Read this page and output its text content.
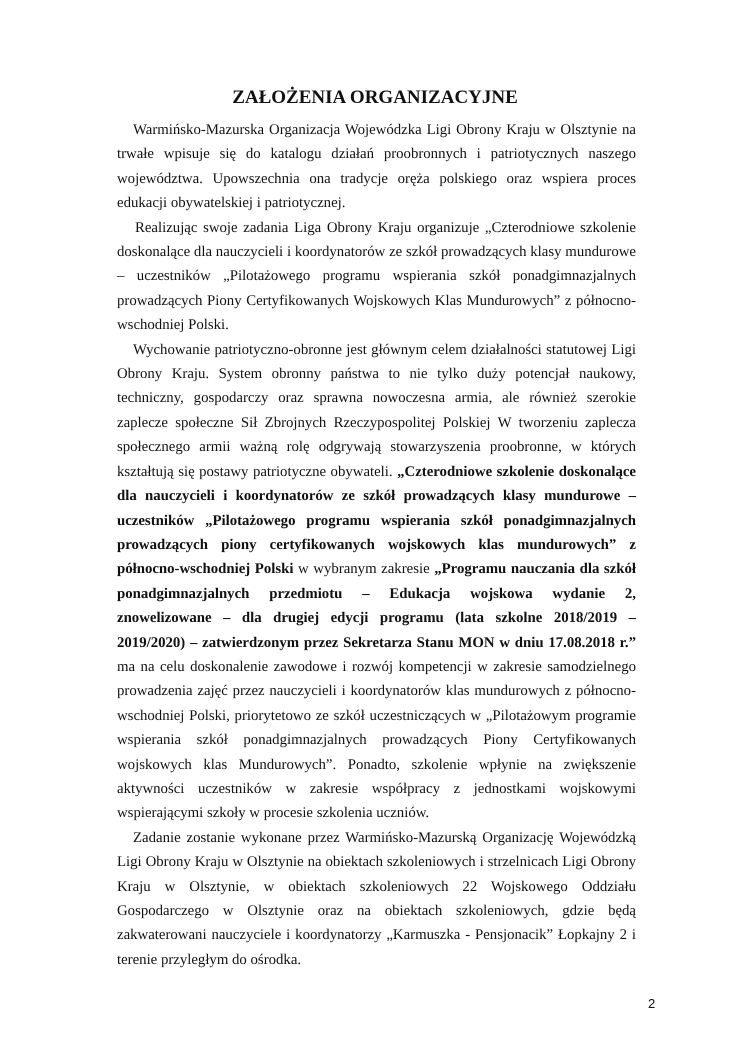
ZAŁOŻENIA ORGANIZACYJNE

Warmińsko-Mazurska Organizacja Wojewódzka Ligi Obrony Kraju w Olsztynie na trwałe wpisuje się do katalogu działań proobronnych i patriotycznych naszego województwa. Upowszechnia ona tradycje oręża polskiego oraz wspiera proces edukacji obywatelskiej i patriotycznej.

Realizując swoje zadania Liga Obrony Kraju organizuje „Czterodniowe szkolenie doskonalące dla nauczycieli i koordynatorów ze szkół prowadzących klasy mundurowe – uczestników „Pilotażowego programu wspierania szkół ponadgimnazjalnych prowadzących Piony Certyfikowanych Wojskowych Klas Mundurowych” z północno-wschodniej Polski.

Wychowanie patriotyczno-obronne jest głównym celem działalności statutowej Ligi Obrony Kraju. System obronny państwa to nie tylko duży potencjał naukowy, techniczny, gospodarczy oraz sprawna nowoczesna armia, ale również szerokie zaplecze społeczne Sił Zbrojnych Rzeczypospolitej Polskiej W tworzeniu zaplecza społecznego armii ważną rolę odgrywają stowarzyszenia proobronne, w których kształtują się postawy patriotyczne obywateli. „Czterodniowe szkolenie doskonalące dla nauczycieli i koordynatorów ze szkół prowadzących klasy mundurowe – uczestników „Pilotażowego programu wspierania szkół ponadgimnazjalnych prowadzących piony certyfikowanych wojskowych klas mundurowych” z północno-wschodniej Polski w wybranym zakresie „Programu nauczania dla szkół ponadgimnazjalnych przedmiotu – Edukacja wojskowa wydanie 2, znowelizowane – dla drugiej edycji programu (lata szkolne 2018/2019 – 2019/2020) – zatwierdzonym przez Sekretarza Stanu MON w dniu 17.08.2018 r.” ma na celu doskonalenie zawodowe i rozwój kompetencji w zakresie samodzielnego prowadzenia zajęć przez nauczycieli i koordynatorów klas mundurowych z północno-wschodniej Polski, priorytetowo ze szkół uczestniczących w „Pilotażowym programie wspierania szkół ponadgimnazjalnych prowadzących Piony Certyfikowanych wojskowych klas Mundurowych”. Ponadto, szkolenie wpłynie na zwiększenie aktywności uczestników w zakresie współpracy z jednostkami wojskowymi wspierającymi szkoły w procesie szkolenia uczniów.

Zadanie zostanie wykonane przez Warmińsko-Mazurską Organizację Wojewódzką Ligi Obrony Kraju w Olsztynie na obiektach szkoleniowych i strzelnicach Ligi Obrony Kraju w Olsztynie, w obiektach szkoleniowych 22 Wojskowego Oddziału Gospodarczego w Olsztynie oraz na obiektach szkoleniowych, gdzie będą zakwaterowani nauczyciele i koordynatorzy „Karmuszka - Pensjonacik” Łopkajny 2 i terenie przyległym do ośrodka.

2
